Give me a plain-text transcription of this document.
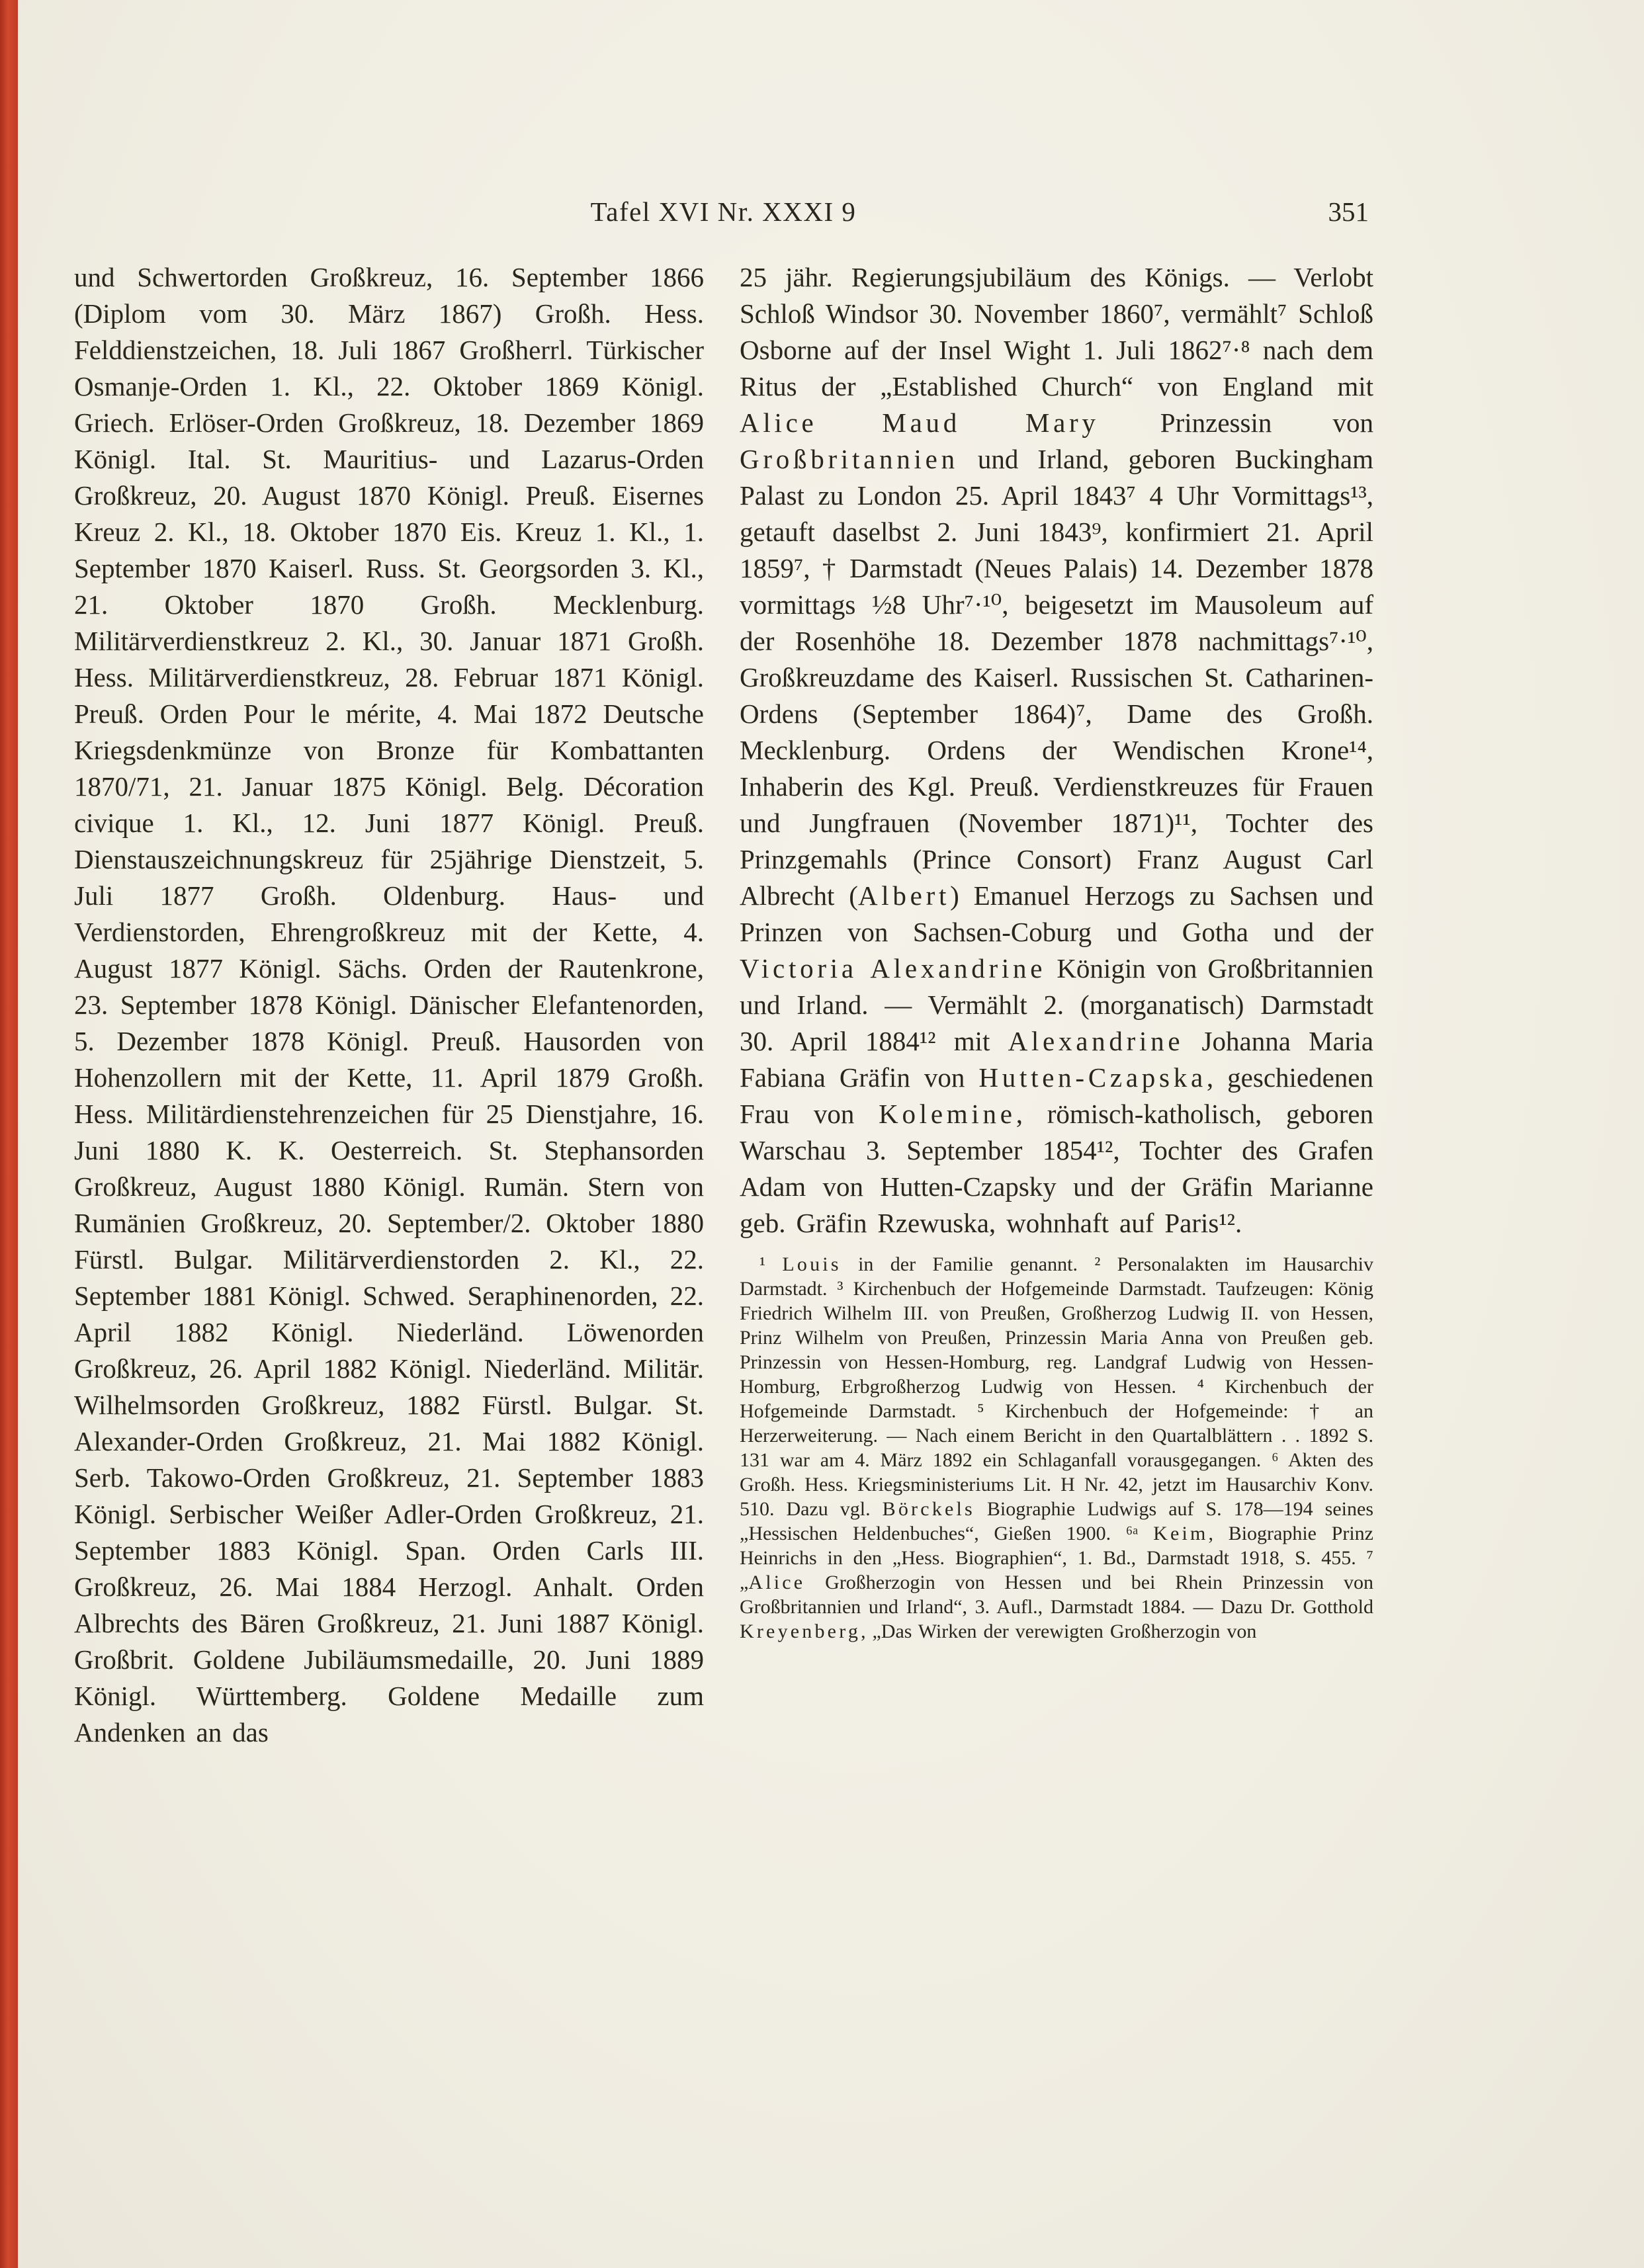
Tafel XVI Nr. XXXI 9	351

und Schwertorden Großkreuz, 16. September 1866 (Diplom vom 30. März 1867) Großh. Hess. Felddienstzeichen, 18. Juli 1867 Großherrl. Türkischer Osmanje-Orden 1. Kl., 22. Oktober 1869 Königl. Griech. Erlöser-Orden Großkreuz, 18. Dezember 1869 Königl. Ital. St. Mauritius- und Lazarus-Orden Großkreuz, 20. August 1870 Königl. Preuß. Eisernes Kreuz 2. Kl., 18. Oktober 1870 Eis. Kreuz 1. Kl., 1. September 1870 Kaiserl. Russ. St. Georgsorden 3. Kl., 21. Oktober 1870 Großh. Mecklenburg. Militärverdienstkreuz 2. Kl., 30. Januar 1871 Großh. Hess. Militärverdienstkreuz, 28. Februar 1871 Königl. Preuß. Orden Pour le mérite, 4. Mai 1872 Deutsche Kriegsdenkmünze von Bronze für Kombattanten 1870/71, 21. Januar 1875 Königl. Belg. Décoration civique 1. Kl., 12. Juni 1877 Königl. Preuß. Dienstauszeichnungskreuz für 25jährige Dienstzeit, 5. Juli 1877 Großh. Oldenburg. Haus- und Verdienstorden, Ehrengroßkreuz mit der Kette, 4. August 1877 Königl. Sächs. Orden der Rautenkrone, 23. September 1878 Königl. Dänischer Elefantenorden, 5. Dezember 1878 Königl. Preuß. Hausorden von Hohenzollern mit der Kette, 11. April 1879 Großh. Hess. Militärdienstehrenzeichen für 25 Dienstjahre, 16. Juni 1880 K. K. Oesterreich. St. Stephansorden Großkreuz, August 1880 Königl. Rumän. Stern von Rumänien Großkreuz, 20. September/2. Oktober 1880 Fürstl. Bulgar. Militärverdienstorden 2. Kl., 22. September 1881 Königl. Schwed. Seraphinenorden, 22. April 1882 Königl. Niederländ. Löwenorden Großkreuz, 26. April 1882 Königl. Niederländ. Militär. Wilhelmsorden Großkreuz, 1882 Fürstl. Bulgar. St. Alexander-Orden Großkreuz, 21. Mai 1882 Königl. Serb. Takowo-Orden Großkreuz, 21. September 1883 Königl. Serbischer Weißer Adler-Orden Großkreuz, 21. September 1883 Königl. Span. Orden Carls III. Großkreuz, 26. Mai 1884 Herzogl. Anhalt. Orden Albrechts des Bären Großkreuz, 21. Juni 1887 Königl. Großbrit. Goldene Jubiläumsmedaille, 20. Juni 1889 Königl. Württemberg. Goldene Medaille zum Andenken an das

25 jähr. Regierungsjubiläum des Königs. — Verlobt Schloß Windsor 30. November 1860⁷, vermählt⁷ Schloß Osborne auf der Insel Wight 1. Juli 1862⁷·⁸ nach dem Ritus der „Established Church“ von England mit Alice Maud Mary Prinzessin von Großbritannien und Irland, geboren Buckingham Palast zu London 25. April 1843⁷ 4 Uhr Vormittags¹³, getauft daselbst 2. Juni 1843⁹, konfirmiert 21. April 1859⁷, † Darmstadt (Neues Palais) 14. Dezember 1878 vormittags ½8 Uhr⁷·¹⁰, beigesetzt im Mausoleum auf der Rosenhöhe 18. Dezember 1878 nachmittags⁷·¹⁰, Großkreuzdame des Kaiserl. Russischen St. Catharinen-Ordens (September 1864)⁷, Dame des Großh. Mecklenburg. Ordens der Wendischen Krone¹⁴, Inhaberin des Kgl. Preuß. Verdienstkreuzes für Frauen und Jungfrauen (November 1871)¹¹, Tochter des Prinzgemahls (Prince Consort) Franz August Carl Albrecht (Albert) Emanuel Herzogs zu Sachsen und Prinzen von Sachsen-Coburg und Gotha und der Victoria Alexandrine Königin von Großbritannien und Irland. — Vermählt 2. (morganatisch) Darmstadt 30. April 1884¹² mit Alexandrine Johanna Maria Fabiana Gräfin von Hutten-Czapska, geschiedenen Frau von Kolemine, römisch-katholisch, geboren Warschau 3. September 1854¹², Tochter des Grafen Adam von Hutten-Czapsky und der Gräfin Marianne geb. Gräfin Rzewuska, wohnhaft auf Paris¹².

¹ Louis in der Familie genannt. ² Personalakten im Hausarchiv Darmstadt. ³ Kirchenbuch der Hofgemeinde Darmstadt. Taufzeugen: König Friedrich Wilhelm III. von Preußen, Großherzog Ludwig II. von Hessen, Prinz Wilhelm von Preußen, Prinzessin Maria Anna von Preußen geb. Prinzessin von Hessen-Homburg, reg. Landgraf Ludwig von Hessen-Homburg, Erbgroßherzog Ludwig von Hessen. ⁴ Kirchenbuch der Hofgemeinde Darmstadt. ⁵ Kirchenbuch der Hofgemeinde: † an Herzerweiterung. — Nach einem Bericht in den Quartalblättern . . 1892 S. 131 war am 4. März 1892 ein Schlaganfall vorausgegangen. ⁶ Akten des Großh. Hess. Kriegsministeriums Lit. H Nr. 42, jetzt im Hausarchiv Konv. 510. Dazu vgl. Börckels Biographie Ludwigs auf S. 178—194 seines „Hessischen Heldenbuches“, Gießen 1900. ⁶ᵃ Keim, Biographie Prinz Heinrichs in den „Hess. Biographien“, 1. Bd., Darmstadt 1918, S. 455. ⁷ „Alice Großherzogin von Hessen und bei Rhein Prinzessin von Großbritannien und Irland“, 3. Aufl., Darmstadt 1884. — Dazu Dr. Gotthold Kreyenberg, „Das Wirken der verewigten Großherzogin von
